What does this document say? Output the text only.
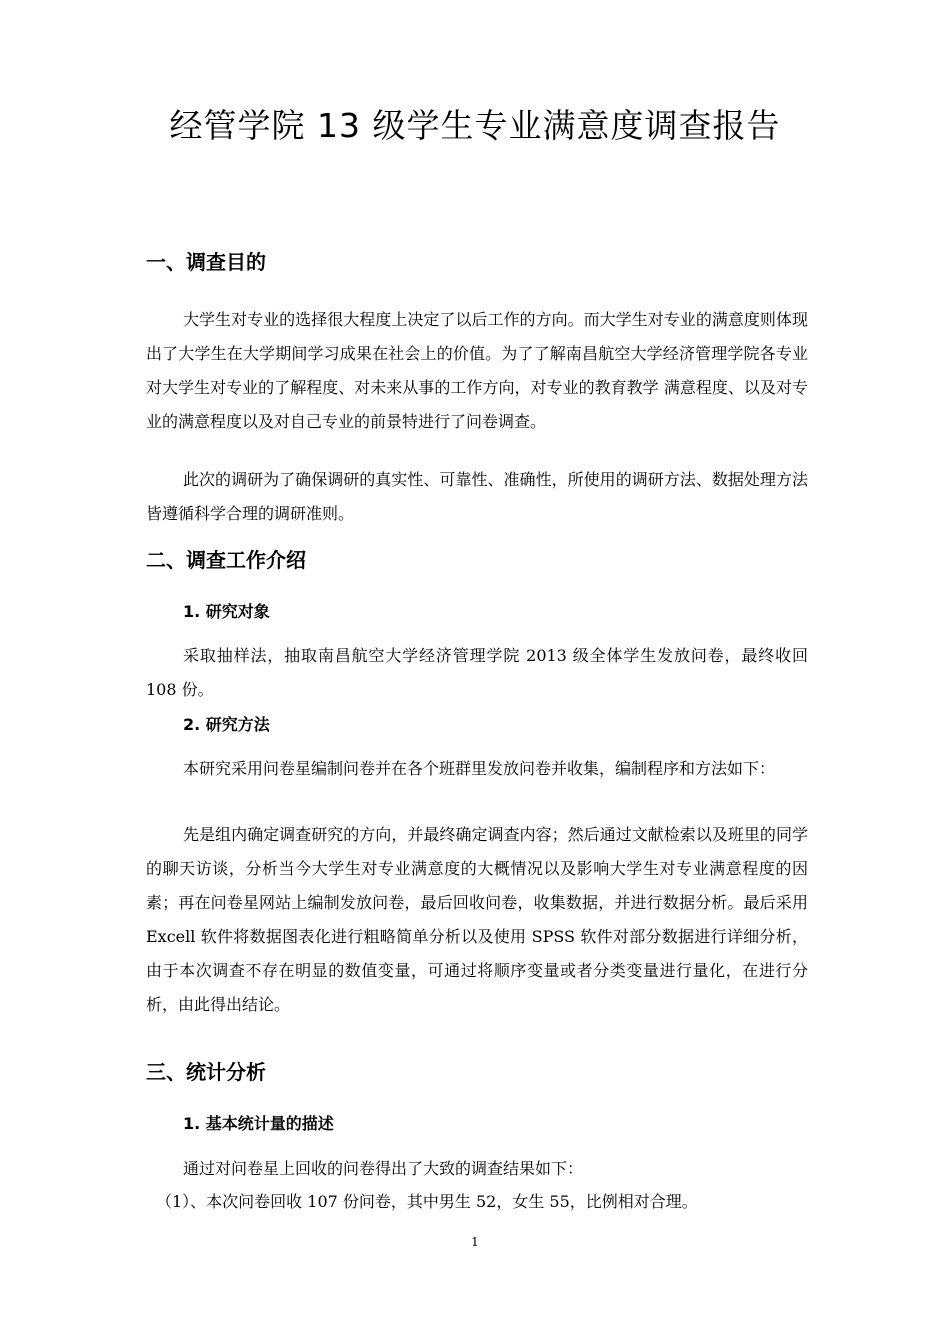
经管学院 13 级学生专业满意度调查报告
一、调查目的

大学生对专业的选择很大程度上决定了以后工作的方向。而大学生对专业的满意度则体现出了大学生在大学期间学习成果在社会上的价值。为了了解南昌航空大学经济管理学院各专业对大学生对专业的了解程度、对未来从事的工作方向，对专业的教育教学 满意程度、以及对专业的满意程度以及对自己专业的前景特进行了问卷调查。

此次的调研为了确保调研的真实性、可靠性、准确性，所使用的调研方法、数据处理方法皆遵循科学合理的调研准则。

二、调查工作介绍
1. 研究对象

采取抽样法，抽取南昌航空大学经济管理学院 2013 级全体学生发放问卷，最终收回 108 份。

2. 研究方法

本研究采用问卷星编制问卷并在各个班群里发放问卷并收集，编制程序和方法如下：

先是组内确定调查研究的方向，并最终确定调查内容；然后通过文献检索以及班里的同学的聊天访谈，分析当今大学生对专业满意度的大概情况以及影响大学生对专业满意程度的因素；再在问卷星网站上编制发放问卷，最后回收问卷，收集数据，并进行数据分析。最后采用 Excell 软件将数据图表化进行粗略简单分析以及使用 SPSS 软件对部分数据进行详细分析，由于本次调查不存在明显的数值变量，可通过将顺序变量或者分类变量进行量化，在进行分析，由此得出结论。

三、统计分析
1. 基本统计量的描述

通过对问卷星上回收的问卷得出了大致的调查结果如下：

（1）、本次问卷回收 107 份问卷，其中男生 52，女生 55，比例相对合理。

1
